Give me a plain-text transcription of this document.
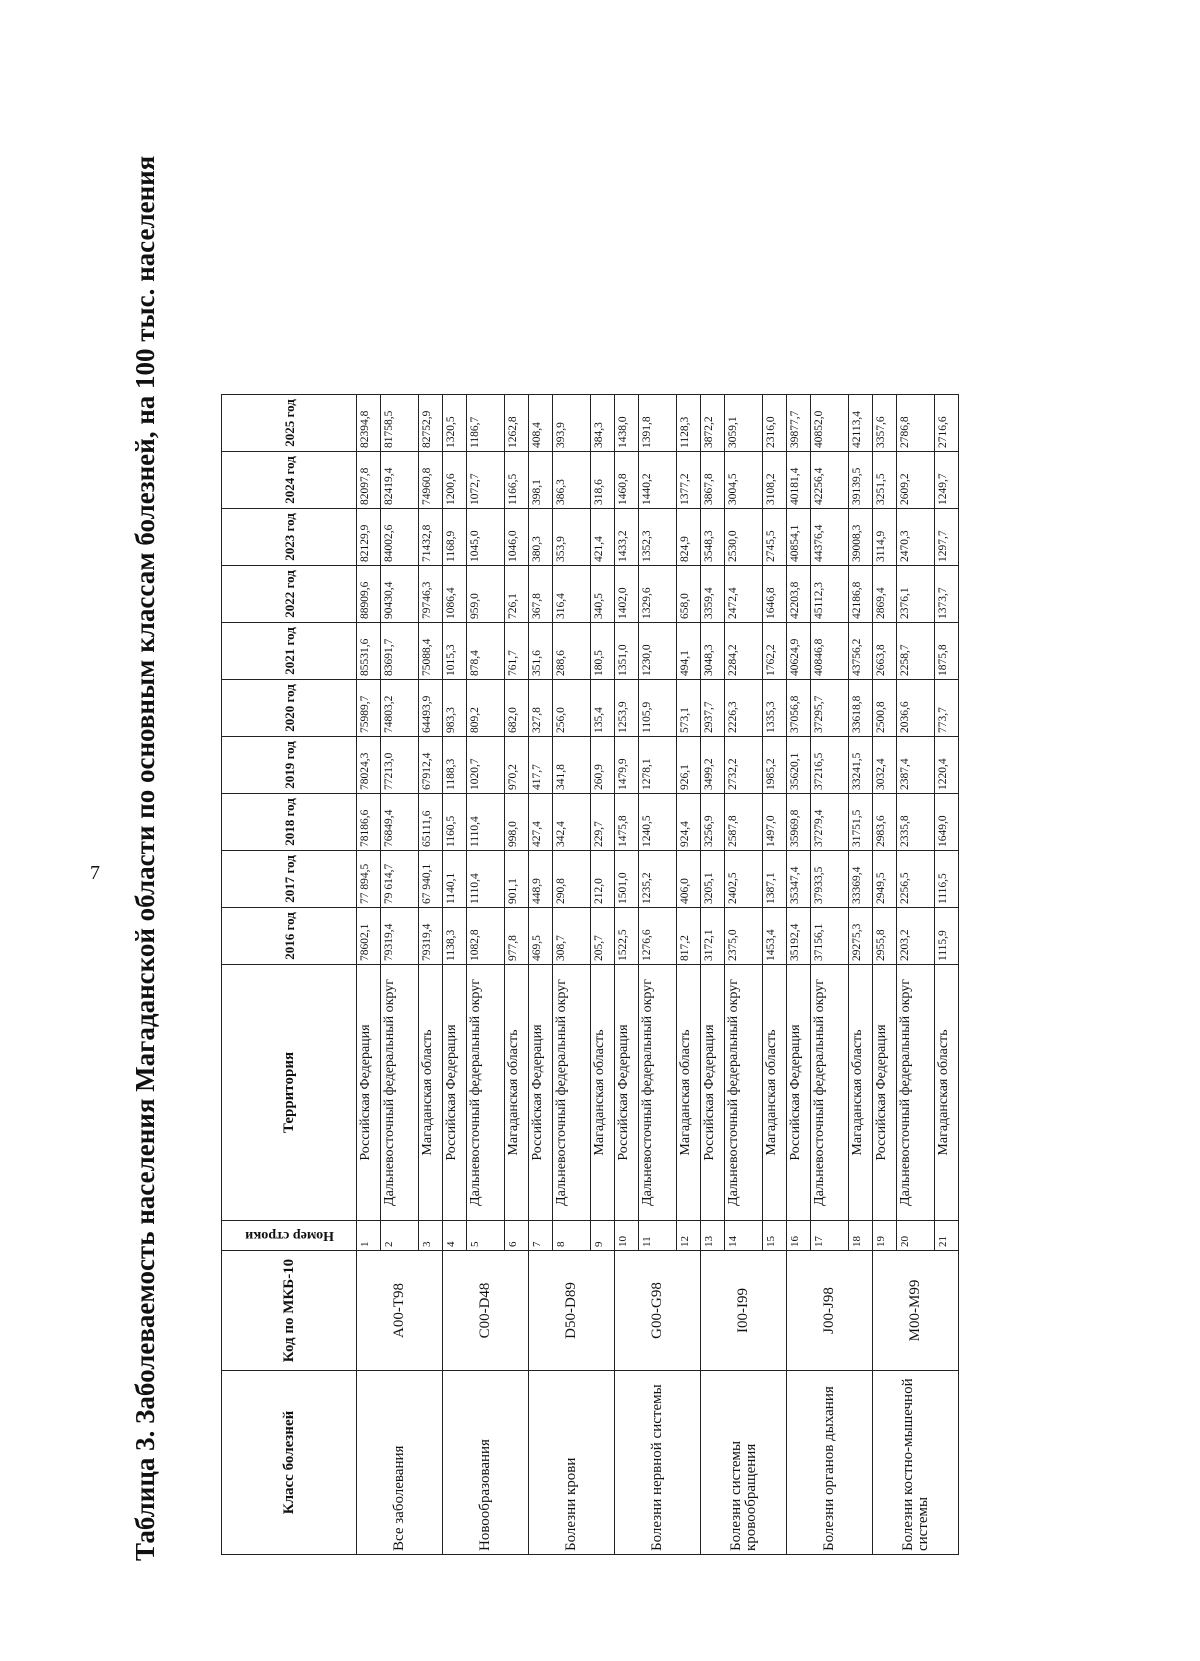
7 Таблица 3. Заболеваемость населения Магаданской области по основным классам болезней, на 100 тыс. населения	Класс болезней	Код по МКБ-10	Номер строки	Территория	2016 год	2017 год	2018 год	2019 год	2020 год	2021 год	2022 год	2023 год	2024 год	2025 год
Все заболевания	A00-T98	1	Российская Федерация	78602,1	77 894,5	78186,6	78024,3	75989,7	85531,6	88909,6	82129,9	82097,8	82394,8
		2	Дальневосточный федеральный округ	79319,4	79 614,7	76849,4	77213,0	74803,2	83691,7	90430,4	84002,6	82419,4	81758,5
		3	Магаданская область	79319,4	67 940,1	65111,6	67912,4	64493,9	75088,4	79746,3	71432,8	74960,8	82752,9
Новообразования	C00-D48	4	Российская Федерация	1138,3	1140,1	1160,5	1188,3	983,3	1015,3	1086,4	1168,9	1200,6	1320,5
		5	Дальневосточный федеральный округ	1082,8	1110,4	1110,4	1020,7	809,2	878,4	959,0	1045,0	1072,7	1186,7
		6	Магаданская область	977,8	901,1	998,0	970,2	682,0	761,7	726,1	1046,0	1166,5	1262,8
Болезни крови	D50-D89	7	Российская Федерация	469,5	448,9	427,4	417,7	327,8	351,6	367,8	380,3	398,1	408,4
		8	Дальневосточный федеральный округ	308,7	290,8	342,4	341,8	256,0	288,6	316,4	353,9	386,3	393,9
		9	Магаданская область	205,7	212,0	229,7	260,9	135,4	180,5	340,5	421,4	318,6	384,3
Болезни нервной системы	G00-G98	10	Российская Федерация	1522,5	1501,0	1475,8	1479,9	1253,9	1351,0	1402,0	1433,2	1460,8	1438,0
		11	Дальневосточный федеральный округ	1276,6	1235,2	1240,5	1278,1	1105,9	1230,0	1329,6	1352,3	1440,2	1391,8
		12	Магаданская область	817,2	406,0	924,4	926,1	573,1	494,1	658,0	824,9	1377,2	1128,3
Болезни системы кровообращения	I00-I99	13	Российская Федерация	3172,1	3205,1	3256,9	3499,2	2937,7	3048,3	3359,4	3548,3	3867,8	3872,2
		14	Дальневосточный федеральный округ	2375,0	2402,5	2587,8	2732,2	2226,3	2284,2	2472,4	2530,0	3004,5	3059,1
		15	Магаданская область	1453,4	1387,1	1497,0	1985,2	1335,3	1762,2	1646,8	2745,5	3108,2	2316,0
Болезни органов дыхания	J00-J98	16	Российская Федерация	35192,4	35347,4	35969,8	35620,1	37056,8	40624,9	42203,8	40854,1	40181,4	39877,7
		17	Дальневосточный федеральный округ	37156,1	37933,5	37279,4	37216,5	37295,7	40846,8	45112,3	44376,4	42256,4	40852,0
		18	Магаданская область	29275,3	33369,4	31751,5	33241,5	33618,8	43756,2	42186,8	39008,3	39139,5	42113,4
Болезни костно-мышечной системы	M00-M99	19	Российская Федерация	2955,8	2949,5	2983,6	3032,4	2500,8	2663,8	2869,4	3114,9	3251,5	3357,6
		20	Дальневосточный федеральный округ	2203,2	2256,5	2335,8	2387,4	2036,6	2258,7	2376,1	2470,3	2609,2	2786,8
		21	Магаданская область	1115,9	1116,5	1649,0	1220,4	773,7	1875,8	1373,7	1297,7	1249,7	2716,6
